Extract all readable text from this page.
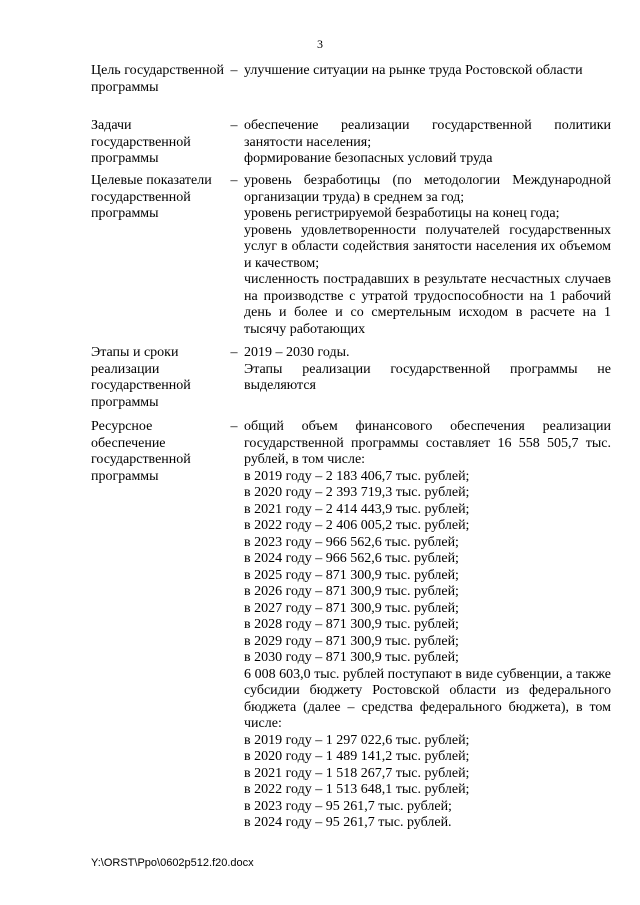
3
Цель государственной программы
– улучшение ситуации на рынке труда Ростовской области

Задачи государственной программы
– обеспечение реализации государственной политики занятости населения;

формирование безопасных условий труда

Целевые показатели государственной программы
– уровень безработицы (по методологии Международной организации труда) в среднем за год;

уровень регистрируемой безработицы на конец года;

уровень удовлетворенности получателей государственных услуг в области содействия занятости населения их объемом и качеством;

численность пострадавших в результате несчастных случаев на производстве с утратой трудоспособности на 1 рабочий день и более и со смертельным исходом в расчете на 1 тысячу работающих

Этапы и сроки реализации государственной программы
– 2019 – 2030 годы.

Этапы реализации государственной программы не выделяются

Ресурсное обеспечение государственной программы
– общий объем финансового обеспечения реализации государственной программы составляет 16 558 505,7 тыс. рублей, в том числе:

в 2019 году – 2 183 406,7 тыс. рублей;

в 2020 году – 2 393 719,3 тыс. рублей;

в 2021 году – 2 414 443,9 тыс. рублей;

в 2022 году – 2 406 005,2 тыс. рублей;

в 2023 году – 966 562,6 тыс. рублей;

в 2024 году – 966 562,6 тыс. рублей;

в 2025 году – 871 300,9 тыс. рублей;

в 2026 году – 871 300,9 тыс. рублей;

в 2027 году – 871 300,9 тыс. рублей;

в 2028 году – 871 300,9 тыс. рублей;

в 2029 году – 871 300,9 тыс. рублей;

в 2030 году – 871 300,9 тыс. рублей;

6 008 603,0 тыс. рублей поступают в виде субвенции, а также субсидии бюджету Ростовской области из федерального бюджета (далее – средства федерального бюджета), в том числе:

в 2019 году – 1 297 022,6 тыс. рублей;

в 2020 году – 1 489 141,2 тыс. рублей;

в 2021 году – 1 518 267,7 тыс. рублей;

в 2022 году – 1 513 648,1 тыс. рублей;

в 2023 году – 95 261,7 тыс. рублей;

в 2024 году – 95 261,7 тыс. рублей.

Y:\ORST\Ppo\0602p512.f20.docx
